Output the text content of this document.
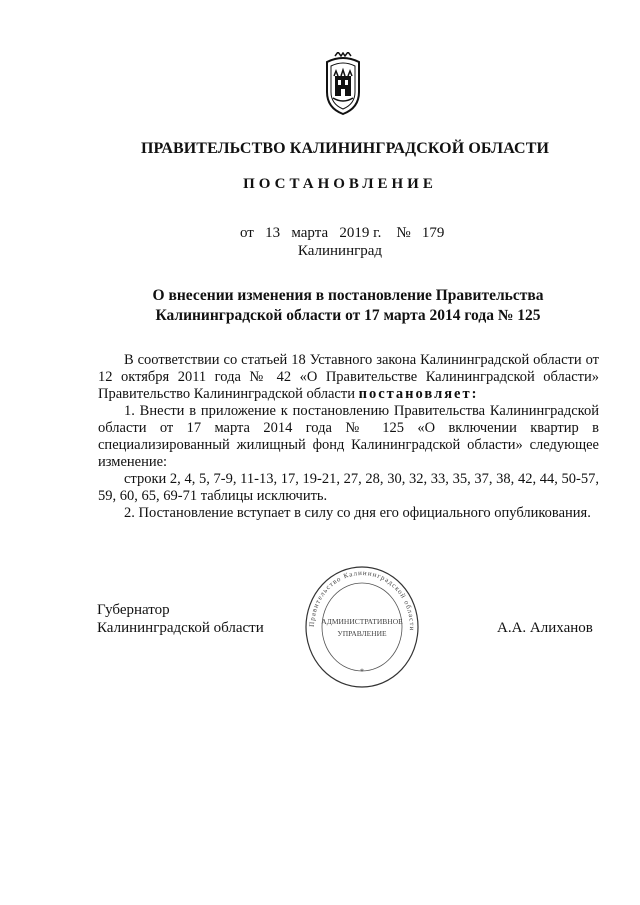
ПРАВИТЕЛЬСТВО КАЛИНИНГРАДСКОЙ ОБЛАСТИ
ПОСТАНОВЛЕНИЕ
от 13 марта 2019 г. № 179
Калининград
О внесении изменения в постановление Правительства
Калининградской области от 17 марта 2014 года № 125

В соответствии со статьей 18 Уставного закона Калининградской области от 12 октября 2011 года № 42 «О Правительстве Калининградской области» Правительство Калининградской области постановляет:

1. Внести в приложение к постановлению Правительства Калининградской области от 17 марта 2014 года № 125 «О включении квартир в специализированный жилищный фонд Калининградской области» следующее изменение:

строки 2, 4, 5, 7-9, 11-13, 17, 19-21, 27, 28, 30, 32, 33, 35, 37, 38, 42, 44, 50-57, 59, 60, 65, 69-71 таблицы исключить.

2. Постановление вступает в силу со дня его официального опубликования.

Губернатор
Калининградской области	Правительство Калининградской области
АДМИНИСТРАТИВНОЕ
УПРАВЛЕНИЕ
*
А.А. Алиханов
